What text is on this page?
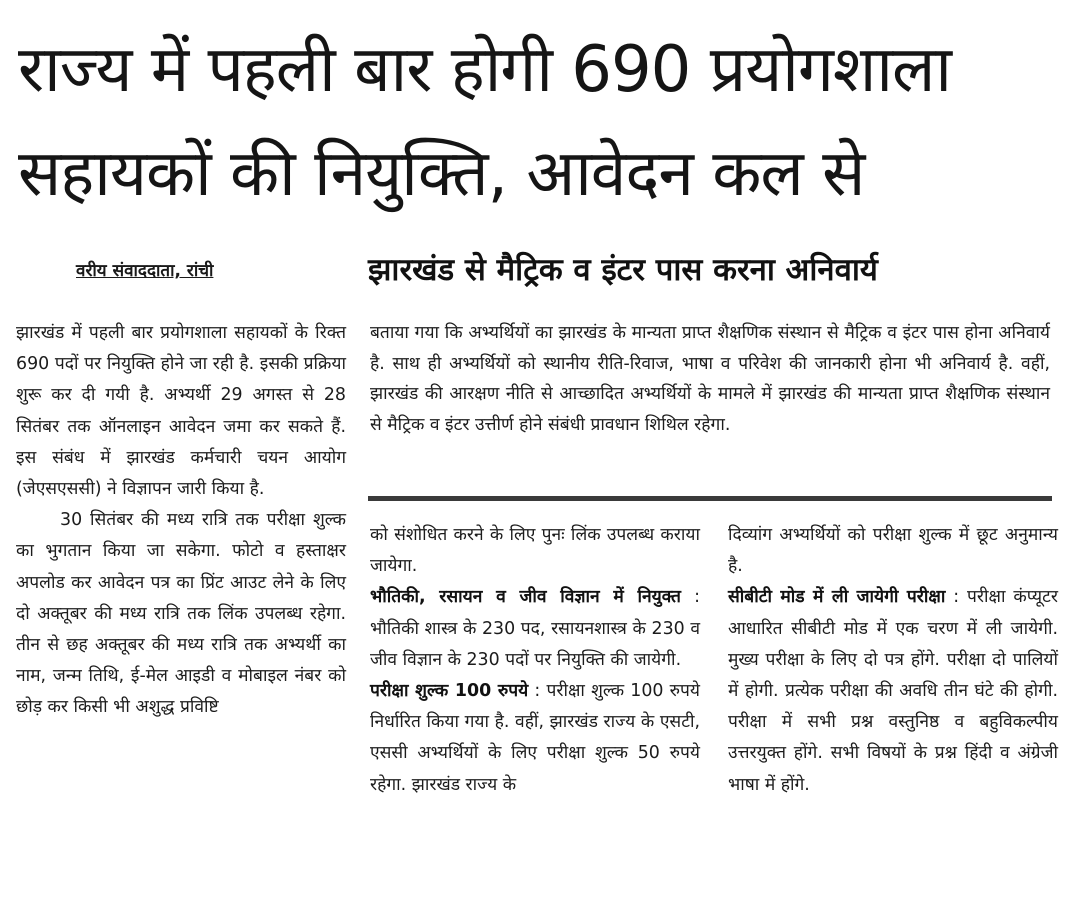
राज्य में पहली बार होगी 690 प्रयोगशाला
सहायकों की नियुक्ति, आवेदन कल से
वरीय संवाददाता, रांची	झारखंड से मैट्रिक व इंटर पास करना अनिवार्य

झारखंड में पहली बार प्रयोगशाला सहायकों के रिक्त 690 पदों पर नियुक्ति होने जा रही है. इसकी प्रक्रिया शुरू कर दी गयी है. अभ्यर्थी 29 अगस्त से 28 सितंबर तक ऑनलाइन आवेदन जमा कर सकते हैं. इस संबंध में झारखंड कर्मचारी चयन आयोग (जेएसएससी) ने विज्ञापन जारी किया है.

30 सितंबर की मध्य रात्रि तक परीक्षा शुल्क का भुगतान किया जा सकेगा. फोटो व हस्ताक्षर अपलोड कर आवेदन पत्र का प्रिंट आउट लेने के लिए दो अक्तूबर की मध्य रात्रि तक लिंक उपलब्ध रहेगा. तीन से छह अक्तूबर की मध्य रात्रि तक अभ्यर्थी का नाम, जन्म तिथि, ई-मेल आइडी व मोबाइल नंबर को छोड़ कर किसी भी अशुद्ध प्रविष्टि

बताया गया कि अभ्यर्थियों का झारखंड के मान्यता प्राप्त शैक्षणिक संस्थान से मैट्रिक व इंटर पास होना अनिवार्य है. साथ ही अभ्यर्थियों को स्थानीय रीति-रिवाज, भाषा व परिवेश की जानकारी होना भी अनिवार्य है. वहीं, झारखंड की आरक्षण नीति से आच्छादित अभ्यर्थियों के मामले में झारखंड की मान्यता प्राप्त शैक्षणिक संस्थान से मैट्रिक व इंटर उत्तीर्ण होने संबंधी प्रावधान शिथिल रहेगा.

को संशोधित करने के लिए पुनः लिंक उपलब्ध कराया जायेगा.

भौतिकी, रसायन व जीव विज्ञान में नियुक्त : भौतिकी शास्त्र के 230 पद, रसायनशास्त्र के 230 व जीव विज्ञान के 230 पदों पर नियुक्ति की जायेगी.

परीक्षा शुल्क 100 रुपये : परीक्षा शुल्क 100 रुपये निर्धारित किया गया है. वहीं, झारखंड राज्य के एसटी, एससी अभ्यर्थियों के लिए परीक्षा शुल्क 50 रुपये रहेगा. झारखंड राज्य के

दिव्यांग अभ्यर्थियों को परीक्षा शुल्क में छूट अनुमान्य है.

सीबीटी मोड में ली जायेगी परीक्षा : परीक्षा कंप्यूटर आधारित सीबीटी मोड में एक चरण में ली जायेगी. मुख्य परीक्षा के लिए दो पत्र होंगे. परीक्षा दो पालियों में होगी. प्रत्येक परीक्षा की अवधि तीन घंटे की होगी. परीक्षा में सभी प्रश्न वस्तुनिष्ठ व बहुविकल्पीय उत्तरयुक्त होंगे. सभी विषयों के प्रश्न हिंदी व अंग्रेजी भाषा में होंगे.
